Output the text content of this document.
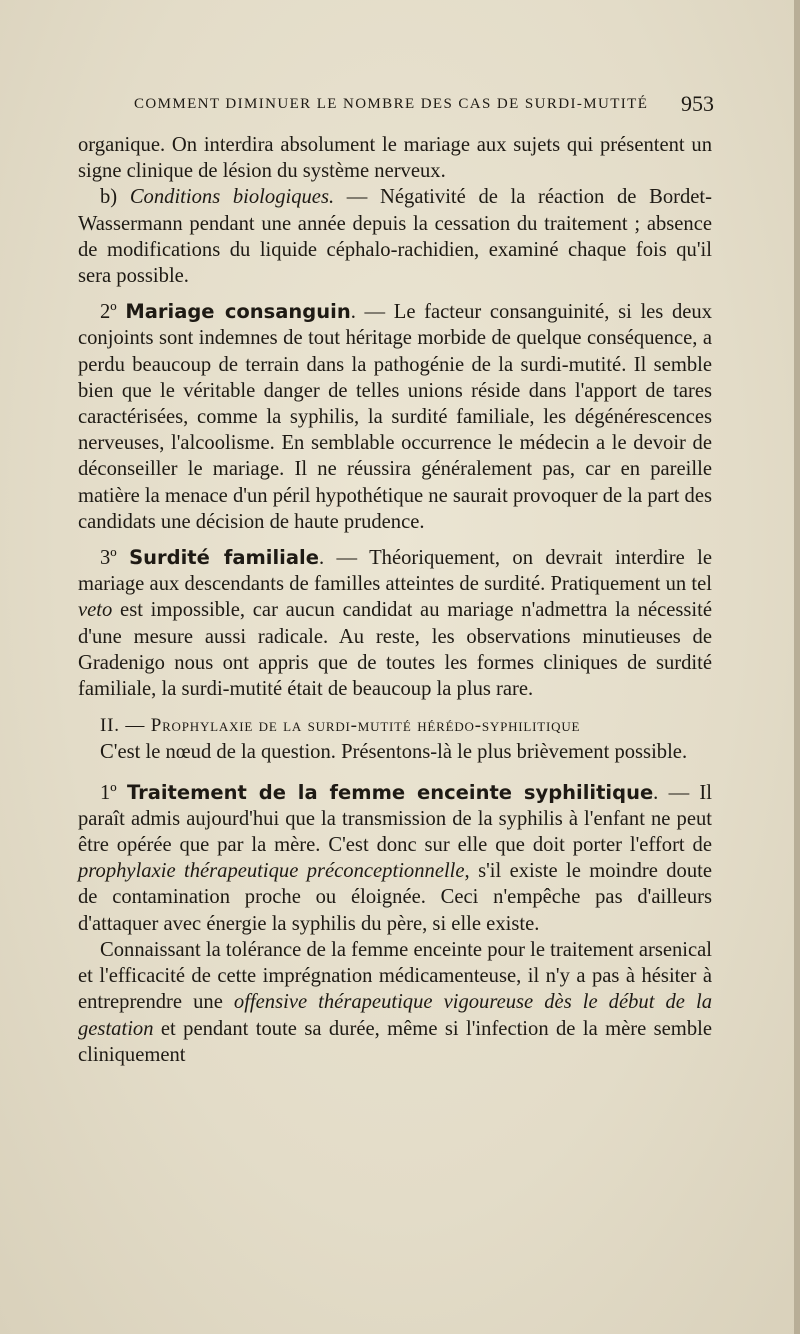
COMMENT DIMINUER LE NOMBRE DES CAS DE SURDI-MUTITÉ 953

organique. On interdira absolument le mariage aux sujets qui présentent un signe clinique de lésion du système nerveux.

b) Conditions biologiques. — Négativité de la réaction de Bordet-Wassermann pendant une année depuis la cessation du traitement ; absence de modifications du liquide céphalo-rachidien, examiné chaque fois qu'il sera possible.

2º Mariage consanguin. — Le facteur consanguinité, si les deux conjoints sont indemnes de tout héritage morbide de quelque conséquence, a perdu beaucoup de terrain dans la pathogénie de la surdi-mutité. Il semble bien que le véritable danger de telles unions réside dans l'apport de tares caractérisées, comme la syphilis, la surdité familiale, les dégénérescences nerveuses, l'alcoolisme. En semblable occurrence le médecin a le devoir de déconseiller le mariage. Il ne réussira généralement pas, car en pareille matière la menace d'un péril hypothétique ne saurait provoquer de la part des candidats une décision de haute prudence.

3º Surdité familiale. — Théoriquement, on devrait interdire le mariage aux descendants de familles atteintes de surdité. Pratiquement un tel veto est impossible, car aucun candidat au mariage n'admettra la nécessité d'une mesure aussi radicale. Au reste, les observations minutieuses de Gradenigo nous ont appris que de toutes les formes cliniques de surdité familiale, la surdi-mutité était de beaucoup la plus rare.

II. — Prophylaxie de la surdi-mutité hérédo-syphilitique

C'est le nœud de la question. Présentons-là le plus brièvement possible.

1º Traitement de la femme enceinte syphilitique. — Il paraît admis aujourd'hui que la transmission de la syphilis à l'enfant ne peut être opérée que par la mère. C'est donc sur elle que doit porter l'effort de prophylaxie thérapeutique préconceptionnelle, s'il existe le moindre doute de contamination proche ou éloignée. Ceci n'empêche pas d'ailleurs d'attaquer avec énergie la syphilis du père, si elle existe.

Connaissant la tolérance de la femme enceinte pour le traitement arsenical et l'efficacité de cette imprégnation médicamenteuse, il n'y a pas à hésiter à entreprendre une offensive thérapeutique vigoureuse dès le début de la gestation et pendant toute sa durée, même si l'infection de la mère semble cliniquement
